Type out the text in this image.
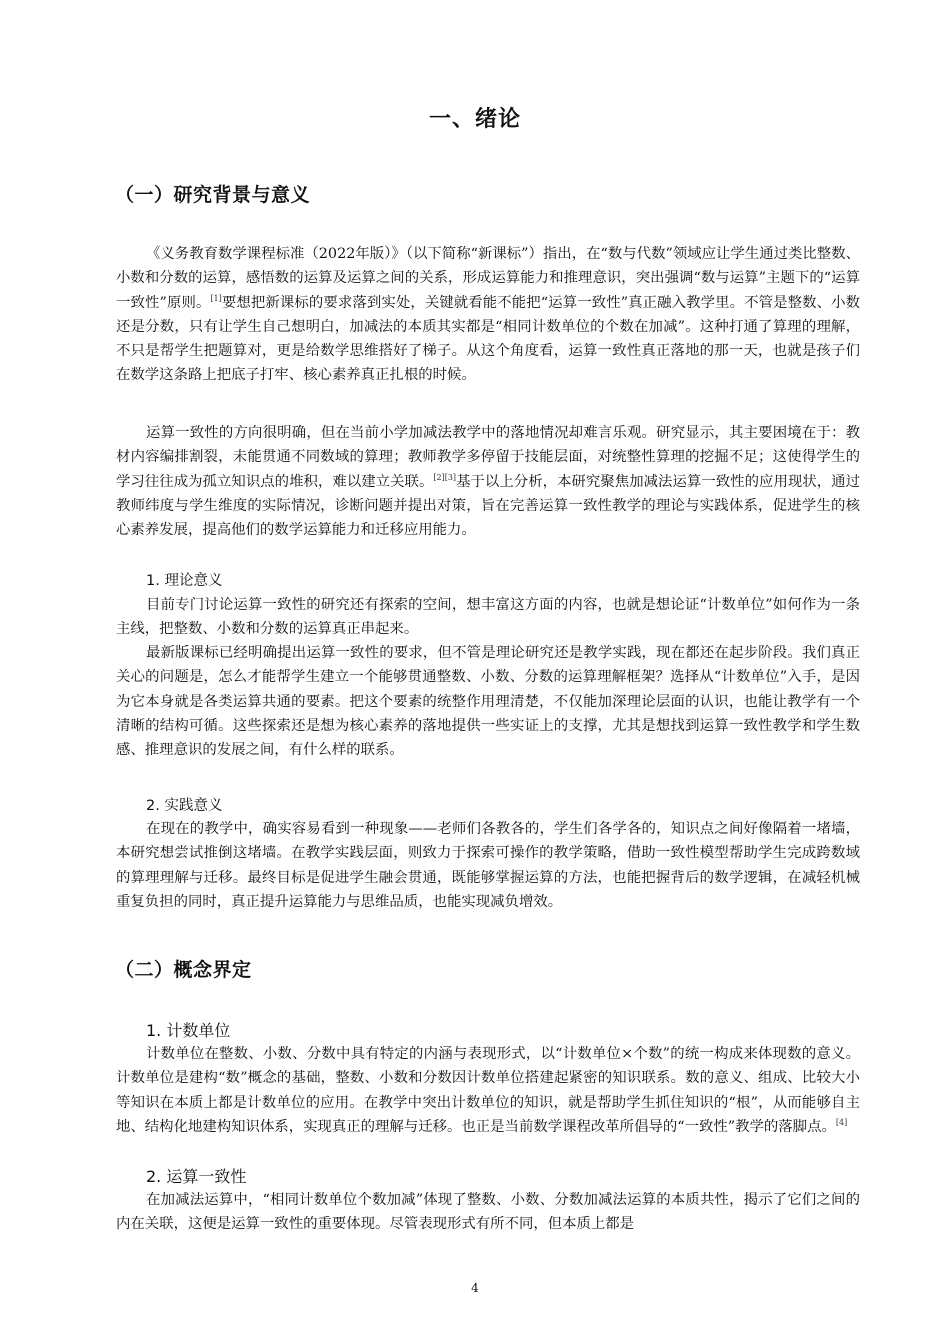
一、绪论
（一）研究背景与意义

《义务教育数学课程标准（2022年版）》（以下简称“新课标”）指出，在“数与代数”领域应让学生通过类比整数、小数和分数的运算，感悟数的运算及运算之间的关系，形成运算能力和推理意识，突出强调“数与运算”主题下的“运算一致性”原则。[1]要想把新课标的要求落到实处，关键就看能不能把“运算一致性”真正融入教学里。不管是整数、小数还是分数，只有让学生自己想明白，加减法的本质其实都是“相同计数单位的个数在加减”。这种打通了算理的理解，不只是帮学生把题算对，更是给数学思维搭好了梯子。从这个角度看，运算一致性真正落地的那一天，也就是孩子们在数学这条路上把底子打牢、核心素养真正扎根的时候。

运算一致性的方向很明确，但在当前小学加减法教学中的落地情况却难言乐观。研究显示，其主要困境在于：教材内容编排割裂，未能贯通不同数域的算理；教师教学多停留于技能层面，对统整性算理的挖掘不足；这使得学生的学习往往成为孤立知识点的堆积，难以建立关联。[2][3]基于以上分析，本研究聚焦加减法运算一致性的应用现状，通过教师纬度与学生维度的实际情况，诊断问题并提出对策，旨在完善运算一致性教学的理论与实践体系，促进学生的核心素养发展，提高他们的数学运算能力和迁移应用能力。

1. 理论意义

目前专门讨论运算一致性的研究还有探索的空间，想丰富这方面的内容，也就是想论证“计数单位”如何作为一条主线，把整数、小数和分数的运算真正串起来。

最新版课标已经明确提出运算一致性的要求，但不管是理论研究还是教学实践，现在都还在起步阶段。我们真正关心的问题是，怎么才能帮学生建立一个能够贯通整数、小数、分数的运算理解框架？选择从“计数单位”入手，是因为它本身就是各类运算共通的要素。把这个要素的统整作用理清楚，不仅能加深理论层面的认识，也能让教学有一个清晰的结构可循。这些探索还是想为核心素养的落地提供一些实证上的支撑，尤其是想找到运算一致性教学和学生数感、推理意识的发展之间，有什么样的联系。

2. 实践意义

在现在的教学中，确实容易看到一种现象——老师们各教各的，学生们各学各的，知识点之间好像隔着一堵墙，本研究想尝试推倒这堵墙。在教学实践层面，则致力于探索可操作的教学策略，借助一致性模型帮助学生完成跨数域的算理理解与迁移。最终目标是促进学生融会贯通，既能够掌握运算的方法，也能把握背后的数学逻辑，在减轻机械重复负担的同时，真正提升运算能力与思维品质，也能实现减负增效。

（二）概念界定
1. 计数单位

计数单位在整数、小数、分数中具有特定的内涵与表现形式，以“计数单位×个数”的统一构成来体现数的意义。计数单位是建构“数”概念的基础，整数、小数和分数因计数单位搭建起紧密的知识联系。数的意义、组成、比较大小等知识在本质上都是计数单位的应用。在教学中突出计数单位的知识，就是帮助学生抓住知识的“根”，从而能够自主地、结构化地建构知识体系，实现真正的理解与迁移。也正是当前数学课程改革所倡导的“一致性”教学的落脚点。[4]

2. 运算一致性

在加减法运算中，“相同计数单位个数加减”体现了整数、小数、分数加减法运算的本质共性，揭示了它们之间的内在关联，这便是运算一致性的重要体现。尽管表现形式有所不同，但本质上都是

4
